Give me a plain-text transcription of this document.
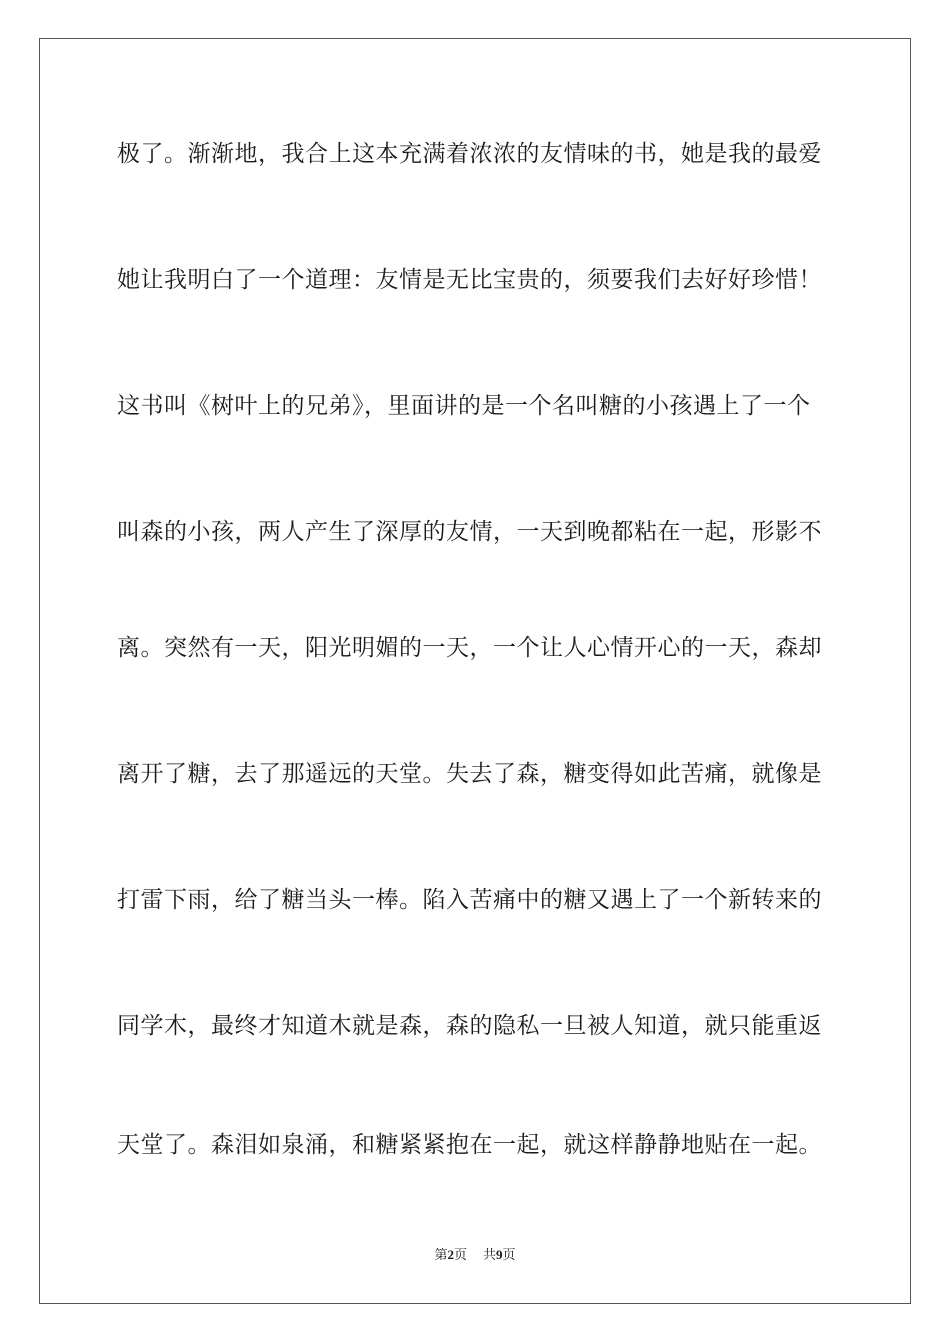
极了。渐渐地，我合上这本充满着浓浓的友情味的书，她是我的最爱
她让我明白了一个道理：友情是无比宝贵的，须要我们去好好珍惜！
这书叫《树叶上的兄弟》，里面讲的是一个名叫糖的小孩遇上了一个
叫森的小孩，两人产生了深厚的友情，一天到晚都粘在一起，形影不
离。突然有一天，阳光明媚的一天，一个让人心情开心的一天，森却
离开了糖，去了那遥远的天堂。失去了森，糖变得如此苦痛，就像是
打雷下雨，给了糖当头一棒。陷入苦痛中的糖又遇上了一个新转来的
同学木，最终才知道木就是森，森的隐私一旦被人知道，就只能重返
天堂了。森泪如泉涌，和糖紧紧抱在一起，就这样静静地贴在一起。
第2页 共9页
